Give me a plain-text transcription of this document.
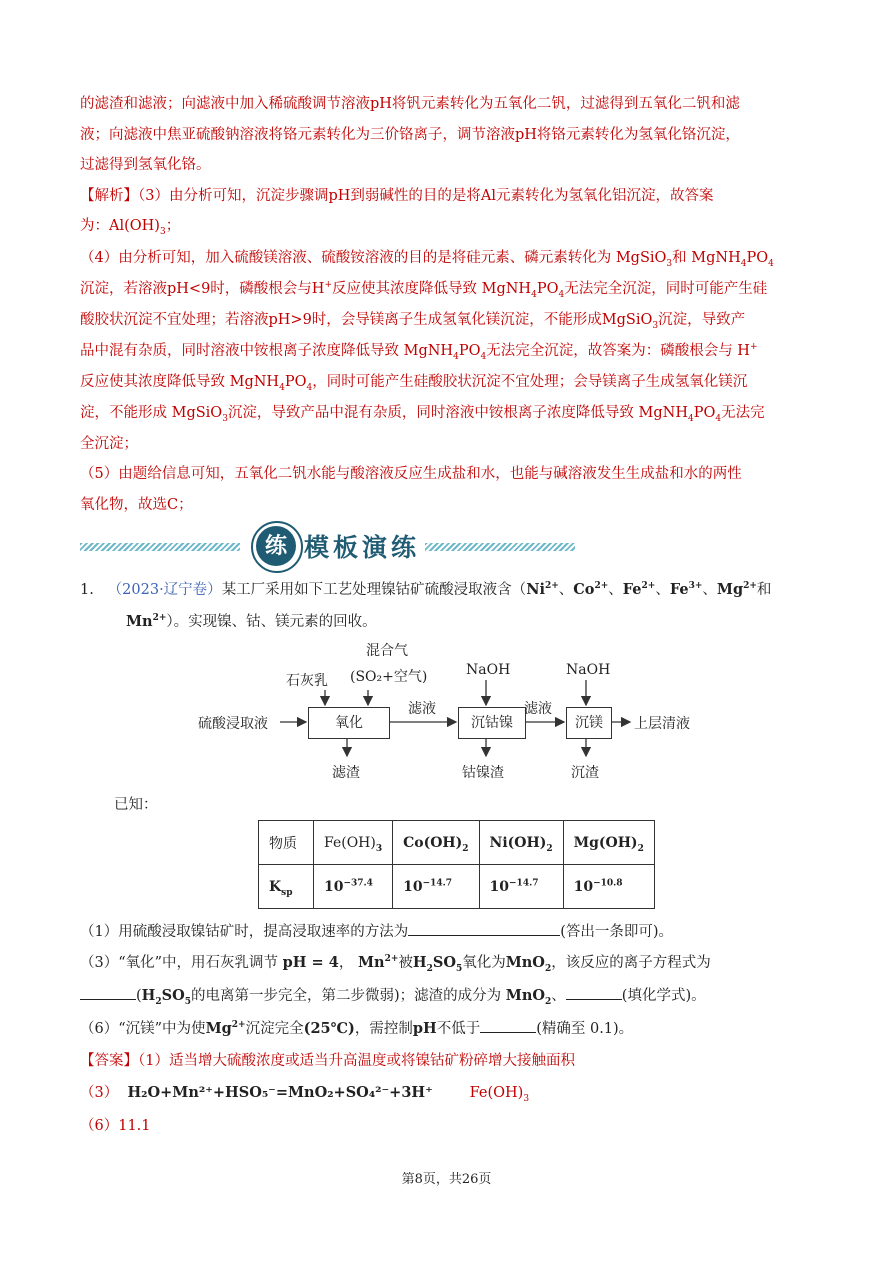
的滤渣和滤液；向滤液中加入稀硫酸调节溶液pH将钒元素转化为五氧化二钒，过滤得到五氧化二钒和滤
液；向滤液中焦亚硫酸钠溶液将铬元素转化为三价铬离子，调节溶液pH将铬元素转化为氢氧化铬沉淀，
过滤得到氢氧化铬。
【解析】（3）由分析可知，沉淀步骤调pH到弱碱性的目的是将Al元素转化为氢氧化铝沉淀，故答案
为：$Al(OH)_3$；
（4）由分析可知，加入硫酸镁溶液、硫酸铵溶液的目的是将硅元素、磷元素转化为 MgSiO$_3$和 $MgNH_4PO_4$
沉淀，若溶液pH<9时，磷酸根会与H+反应使其浓度降低导致 $MgNH_4PO_4$无法完全沉淀，同时可能产生硅
酸胶状沉淀不宜处理；若溶液pH>9时，会导镁离子生成氢氧化镁沉淀，不能形成MgSiO$_3$沉淀，导致产
品中混有杂质，同时溶液中铵根离子浓度降低导致 $MgNH_4PO_4$无法完全沉淀，故答案为：磷酸根会与 H+
反应使其浓度降低导致 $MgNH_4PO_4$，同时可能产生硅酸胶状沉淀不宜处理；会导镁离子生成氢氧化镁沉
淀，不能形成 MgSiO$_3$沉淀，导致产品中混有杂质，同时溶液中铵根离子浓度降低导致 $MgNH_4PO_4$无法完
全沉淀；
（5）由题给信息可知，五氧化二钒水能与酸溶液反应生成盐和水，也能与碱溶液发生生成盐和水的两性
氧化物，故选C；
练 模板演练
1. （2023·辽宁卷）某工厂采用如下工艺处理镍钴矿硫酸浸取液含（$Ni^{2+}$、$Co^{2+}$、$Fe^{2+}$、$Fe^{3+}$、$Mg^{2+}$和
$Mn^{2+}$）。实现镍、钴、镁元素的回收。
硫酸浸取液
石灰乳
混合气
(SO₂+空气)
氧化
滤液
NaOH
沉钴镍
滤液
NaOH
沉镁	上层清液
滤渣	钴镍渣	沉渣
已知：
物质	$Fe(OH)_3$	$Co(OH)_2$	$Ni(OH)_2$	$Mg(OH)_2$
$K_{sp}$	$10^{-37.4}$	$10^{-14.7}$	$10^{-14.7}$	$10^{-10.8}$
（1）用硫酸浸取镍钴矿时，提高浸取速率的方法为	(答出一条即可)。
（3）“氧化”中，用石灰乳调节 pH = 4， $Mn^{2+}$被$H_2SO_5$氧化为MnO$_2$，该反应的离子方程式为
($H_2SO_5$的电离第一步完全，第二步微弱)；滤渣的成分为 MnO$_2$、	(填化学式)。
（6）“沉镁”中为使$Mg^{2+}$沉淀完全(25℃)，需控制pH不低于	(精确至 0.1)。
【答案】（1）适当增大硫酸浓度或适当升高温度或将镍钴矿粉碎增大接触面积
（3） H₂O+Mn²⁺+HSO₅⁻=MnO₂+SO₄²⁻+3H⁺	$Fe(OH)_3$
（6）11.1
第8页，共26页
